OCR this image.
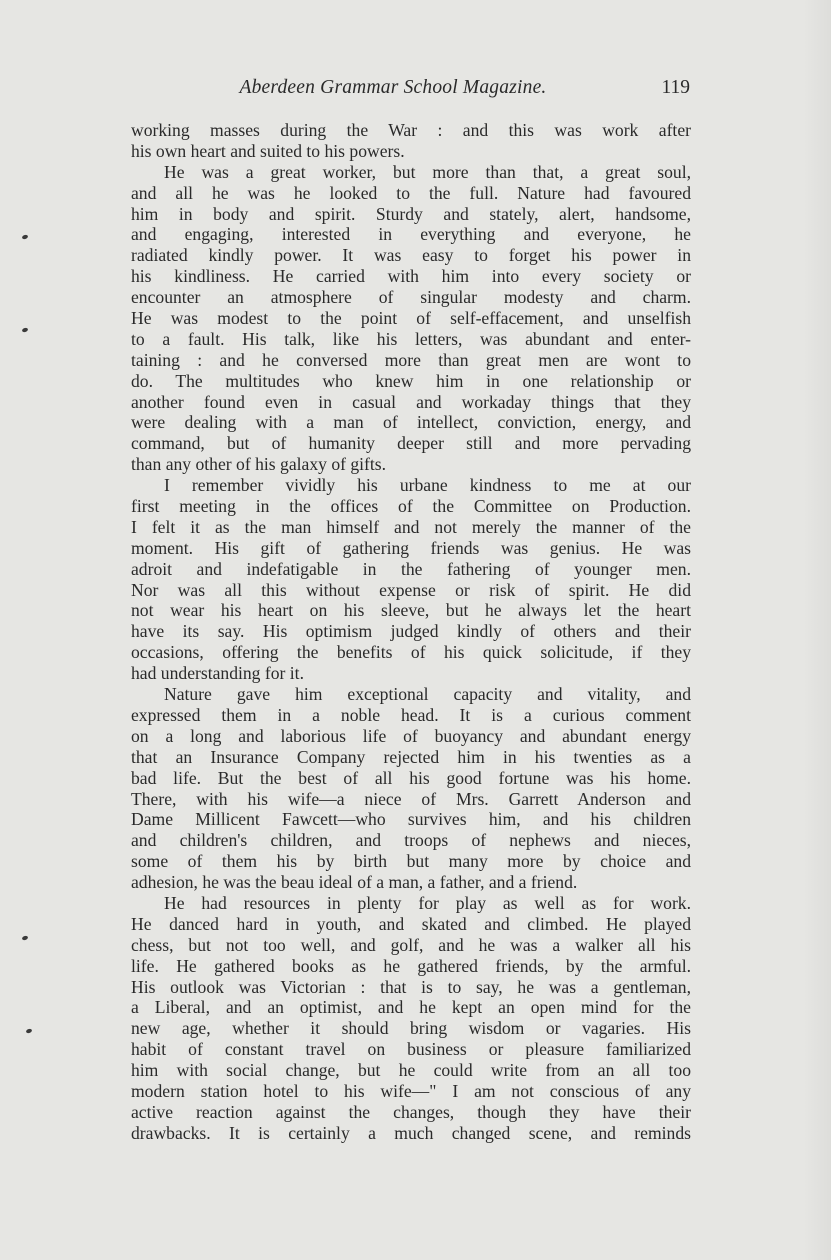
Aberdeen Grammar School Magazine.	119
working masses during the War : and this was work after
his own heart and suited to his powers.
He was a great worker, but more than that, a great soul,
and all he was he looked to the full. Nature had favoured
him in body and spirit. Sturdy and stately, alert, handsome,
and engaging, interested in everything and everyone, he
radiated kindly power. It was easy to forget his power in
his kindliness. He carried with him into every society or
encounter an atmosphere of singular modesty and charm.
He was modest to the point of self-effacement, and unselfish
to a fault. His talk, like his letters, was abundant and enter-
taining : and he conversed more than great men are wont to
do. The multitudes who knew him in one relationship or
another found even in casual and workaday things that they
were dealing with a man of intellect, conviction, energy, and
command, but of humanity deeper still and more pervading
than any other of his galaxy of gifts.
I remember vividly his urbane kindness to me at our
first meeting in the offices of the Committee on Production.
I felt it as the man himself and not merely the manner of the
moment. His gift of gathering friends was genius. He was
adroit and indefatigable in the fathering of younger men.
Nor was all this without expense or risk of spirit. He did
not wear his heart on his sleeve, but he always let the heart
have its say. His optimism judged kindly of others and their
occasions, offering the benefits of his quick solicitude, if they
had understanding for it.
Nature gave him exceptional capacity and vitality, and
expressed them in a noble head. It is a curious comment
on a long and laborious life of buoyancy and abundant energy
that an Insurance Company rejected him in his twenties as a
bad life. But the best of all his good fortune was his home.
There, with his wife—a niece of Mrs. Garrett Anderson and
Dame Millicent Fawcett—who survives him, and his children
and children's children, and troops of nephews and nieces,
some of them his by birth but many more by choice and
adhesion, he was the beau ideal of a man, a father, and a friend.
He had resources in plenty for play as well as for work.
He danced hard in youth, and skated and climbed. He played
chess, but not too well, and golf, and he was a walker all his
life. He gathered books as he gathered friends, by the armful.
His outlook was Victorian : that is to say, he was a gentleman,
a Liberal, and an optimist, and he kept an open mind for the
new age, whether it should bring wisdom or vagaries. His
habit of constant travel on business or pleasure familiarized
him with social change, but he could write from an all too
modern station hotel to his wife—" I am not conscious of any
active reaction against the changes, though they have their
drawbacks. It is certainly a much changed scene, and reminds
